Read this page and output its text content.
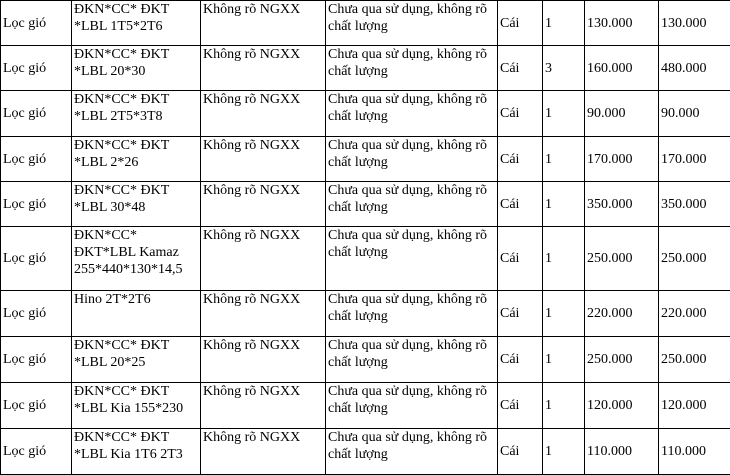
Lọc gió	ĐKN*CC* ĐKT *LBL 1T5*2T6	Không rõ NGXX	Chưa qua sử dụng, không rõ chất lượng	Cái	1	130.000	130.000
Lọc gió	ĐKN*CC* ĐKT *LBL 20*30	Không rõ NGXX	Chưa qua sử dụng, không rõ chất lượng	Cái	3	160.000	480.000
Lọc gió	ĐKN*CC* ĐKT *LBL 2T5*3T8	Không rõ NGXX	Chưa qua sử dụng, không rõ chất lượng	Cái	1	90.000	90.000
Lọc gió	ĐKN*CC* ĐKT *LBL 2*26	Không rõ NGXX	Chưa qua sử dụng, không rõ chất lượng	Cái	1	170.000	170.000
Lọc gió	ĐKN*CC* ĐKT *LBL 30*48	Không rõ NGXX	Chưa qua sử dụng, không rõ chất lượng	Cái	1	350.000	350.000
Lọc gió	ĐKN*CC* ĐKT*LBL Kamaz 255*440*130*14,5	Không rõ NGXX	Chưa qua sử dụng, không rõ chất lượng	Cái	1	250.000	250.000
Lọc gió	Hino 2T*2T6	Không rõ NGXX	Chưa qua sử dụng, không rõ chất lượng	Cái	1	220.000	220.000
Lọc gió	ĐKN*CC* ĐKT *LBL 20*25	Không rõ NGXX	Chưa qua sử dụng, không rõ chất lượng	Cái	1	250.000	250.000
Lọc gió	ĐKN*CC* ĐKT *LBL Kia 155*230	Không rõ NGXX	Chưa qua sử dụng, không rõ chất lượng	Cái	1	120.000	120.000
Lọc gió	ĐKN*CC* ĐKT *LBL Kia 1T6 2T3	Không rõ NGXX	Chưa qua sử dụng, không rõ chất lượng	Cái	1	110.000	110.000
